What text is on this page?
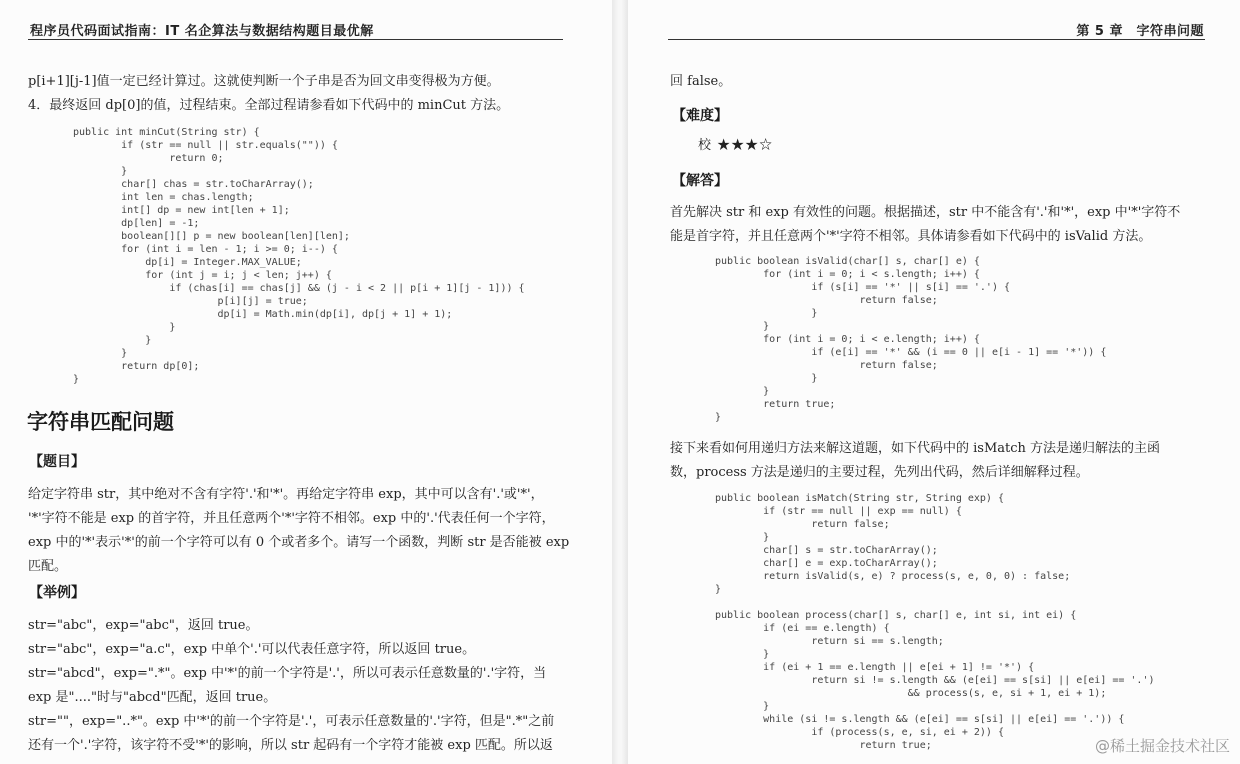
程序员代码面试指南：IT 名企算法与数据结构题目最优解
p[i+1][j-1]值一定已经计算过。这就使判断一个子串是否为回文串变得极为方便。
4．最终返回 dp[0]的值，过程结束。全部过程请参看如下代码中的 minCut 方法。
public int minCut(String str) {
if (str == null || str.equals("")) {
return 0;
}
char[] chas = str.toCharArray();
int len = chas.length;
int[] dp = new int[len + 1];
dp[len] = -1;
boolean[][] p = new boolean[len][len];
for (int i = len - 1; i >= 0; i--) {
dp[i] = Integer.MAX_VALUE;
for (int j = i; j < len; j++) {
if (chas[i] == chas[j] && (j - i < 2 || p[i + 1][j - 1])) {
p[i][j] = true;
dp[i] = Math.min(dp[i], dp[j + 1] + 1);
}
}
}
return dp[0];
}
字符串匹配问题
【题目】
给定字符串 str，其中绝对不含有字符'.'和'*'。再给定字符串 exp，其中可以含有'.'或'*'，
'*'字符不能是 exp 的首字符，并且任意两个'*'字符不相邻。exp 中的'.'代表任何一个字符，
exp 中的'*'表示'*'的前一个字符可以有 0 个或者多个。请写一个函数，判断 str 是否能被 exp
匹配。
【举例】
str="abc"，exp="abc"，返回 true。
str="abc"，exp="a.c"，exp 中单个'.'可以代表任意字符，所以返回 true。
str="abcd"，exp=".*"。exp 中'*'的前一个字符是'.'，所以可表示任意数量的'.'字符，当
exp 是"...."时与"abcd"匹配，返回 true。
str=""，exp="..*"。exp 中'*'的前一个字符是'.'，可表示任意数量的'.'字符，但是".*"之前
还有一个'.'字符，该字符不受'*'的影响，所以 str 起码有一个字符才能被 exp 匹配。所以返
第 5 章　字符串问题
回 false。
【难度】
校 ★★★☆
【解答】
首先解决 str 和 exp 有效性的问题。根据描述，str 中不能含有'.'和'*'，exp 中'*'字符不
能是首字符，并且任意两个'*'字符不相邻。具体请参看如下代码中的 isValid 方法。
public boolean isValid(char[] s, char[] e) {
for (int i = 0; i < s.length; i++) {
if (s[i] == '*' || s[i] == '.') {
return false;
}
}
for (int i = 0; i < e.length; i++) {
if (e[i] == '*' && (i == 0 || e[i - 1] == '*')) {
return false;
}
}
return true;
}
接下来看如何用递归方法来解这道题，如下代码中的 isMatch 方法是递归解法的主函
数，process 方法是递归的主要过程，先列出代码，然后详细解释过程。
public boolean isMatch(String str, String exp) {
if (str == null || exp == null) {
return false;
}
char[] s = str.toCharArray();
char[] e = exp.toCharArray();
return isValid(s, e) ? process(s, e, 0, 0) : false;
}
public boolean process(char[] s, char[] e, int si, int ei) {
if (ei == e.length) {
return si == s.length;
}
if (ei + 1 == e.length || e[ei + 1] != '*') {
return si != s.length && (e[ei] == s[si] || e[ei] == '.')
&& process(s, e, si + 1, ei + 1);
}
while (si != s.length && (e[ei] == s[si] || e[ei] == '.')) {
if (process(s, e, si, ei + 2)) {
return true;	@稀土掘金技术社区
